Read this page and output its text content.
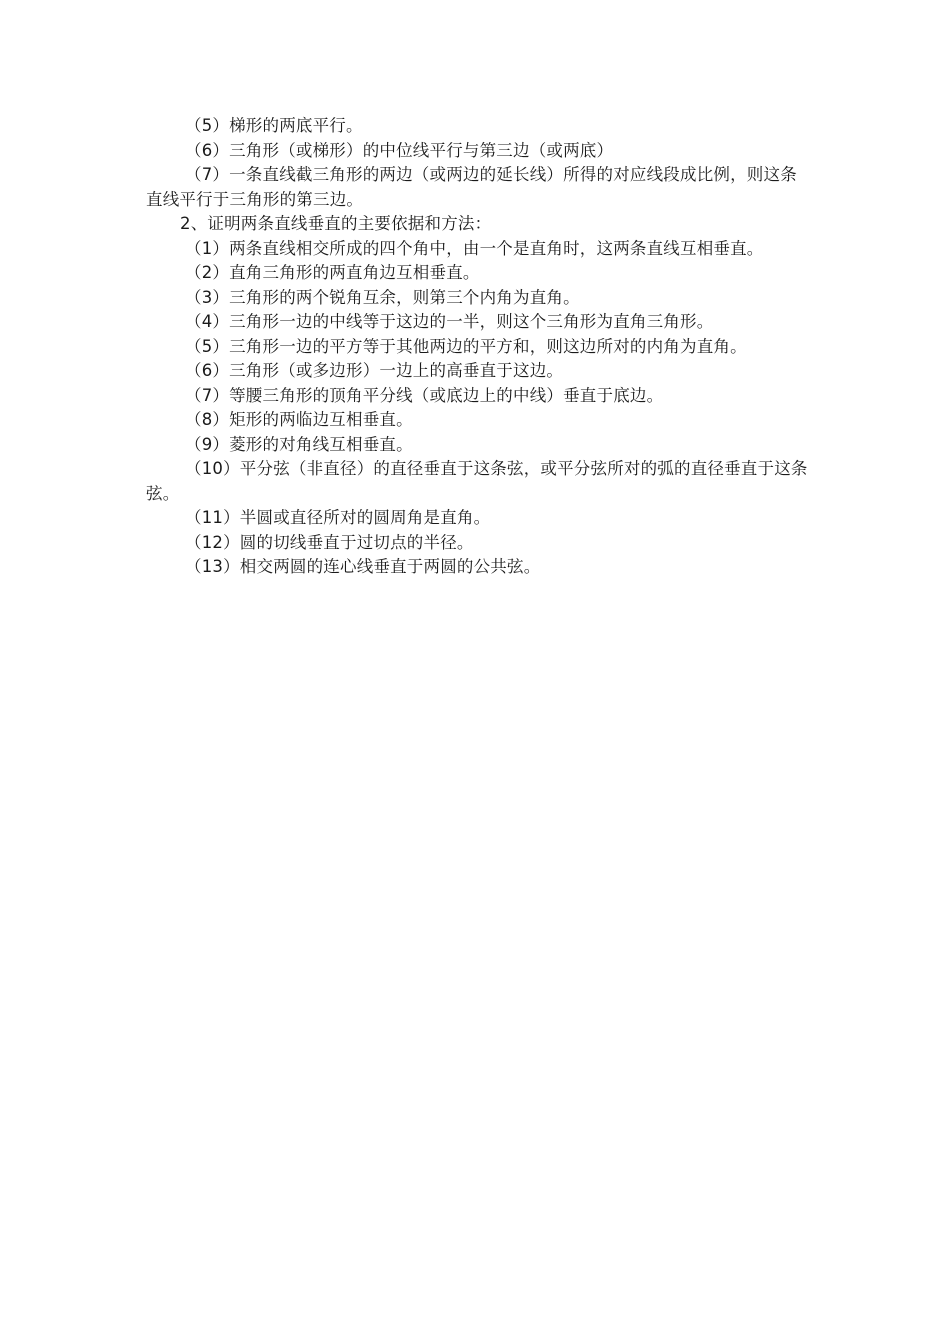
（5）梯形的两底平行。

（6）三角形（或梯形）的中位线平行与第三边（或两底）

（7）一条直线截三角形的两边（或两边的延长线）所得的对应线段成比例，则这条直线平行于三角形的第三边。

2、证明两条直线垂直的主要依据和方法：

（1）两条直线相交所成的四个角中，由一个是直角时，这两条直线互相垂直。

（2）直角三角形的两直角边互相垂直。

（3）三角形的两个锐角互余，则第三个内角为直角。

（4）三角形一边的中线等于这边的一半，则这个三角形为直角三角形。

（5）三角形一边的平方等于其他两边的平方和，则这边所对的内角为直角。

（6）三角形（或多边形）一边上的高垂直于这边。

（7）等腰三角形的顶角平分线（或底边上的中线）垂直于底边。

（8）矩形的两临边互相垂直。

（9）菱形的对角线互相垂直。

（10）平分弦（非直径）的直径垂直于这条弦，或平分弦所对的弧的直径垂直于这条弦。

（11）半圆或直径所对的圆周角是直角。

（12）圆的切线垂直于过切点的半径。

（13）相交两圆的连心线垂直于两圆的公共弦。
